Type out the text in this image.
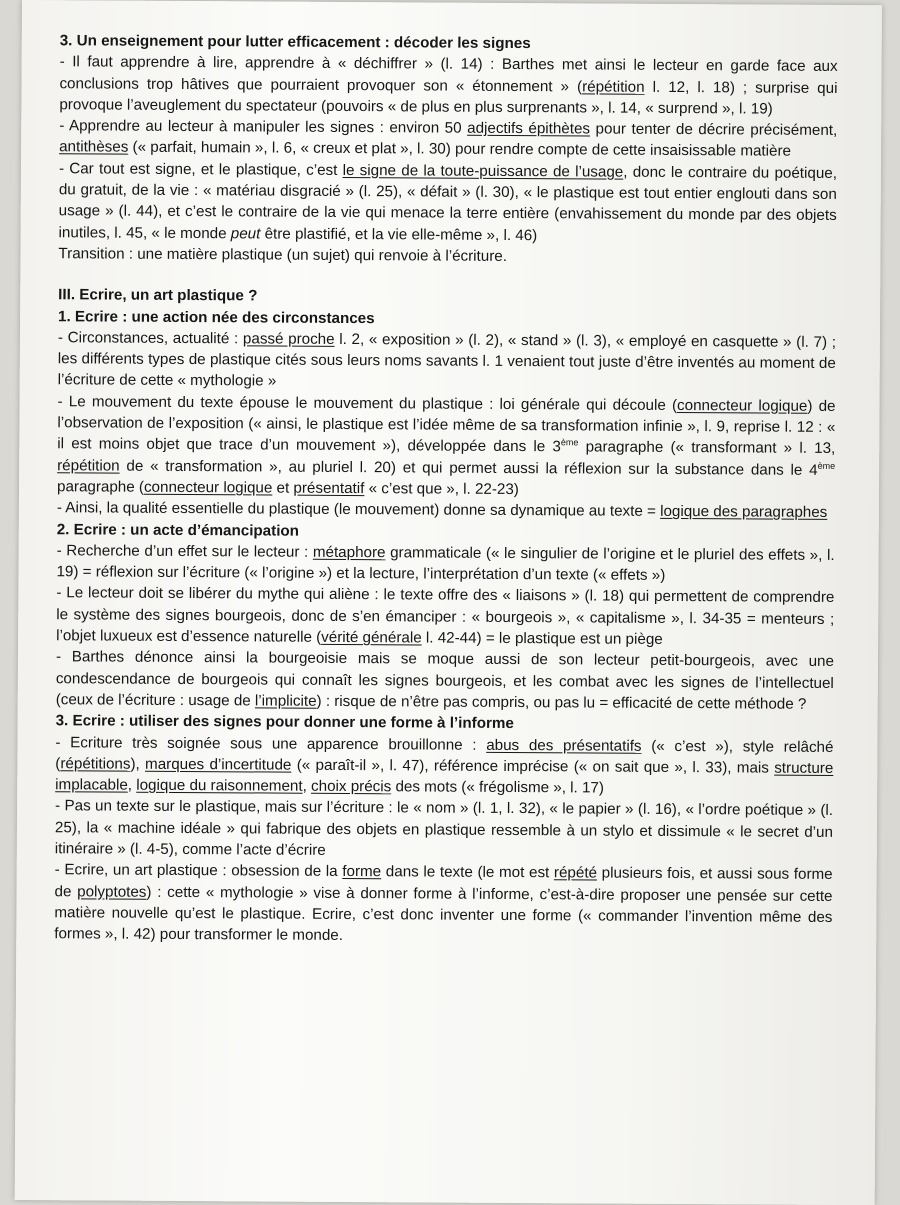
3. Un enseignement pour lutter efficacement : décoder les signes
- Il faut apprendre à lire, apprendre à « déchiffrer » (l. 14) : Barthes met ainsi le lecteur en garde face aux conclusions trop hâtives que pourraient provoquer son « étonnement » (répétition l. 12, l. 18) ; surprise qui provoque l’aveuglement du spectateur (pouvoirs « de plus en plus surprenants », l. 14, « surprend », l. 19)
- Apprendre au lecteur à manipuler les signes : environ 50 adjectifs épithètes pour tenter de décrire précisément, antithèses (« parfait, humain », l. 6, « creux et plat », l. 30) pour rendre compte de cette insaisissable matière
- Car tout est signe, et le plastique, c’est le signe de la toute-puissance de l’usage, donc le contraire du poétique, du gratuit, de la vie : « matériau disgracié » (l. 25), « défait » (l. 30), « le plastique est tout entier englouti dans son usage » (l. 44), et c’est le contraire de la vie qui menace la terre entière (envahissement du monde par des objets inutiles, l. 45, « le monde peut être plastifié, et la vie elle-même », l. 46)
Transition : une matière plastique (un sujet) qui renvoie à l’écriture.
III. Ecrire, un art plastique ?
1. Ecrire : une action née des circonstances
- Circonstances, actualité : passé proche l. 2, « exposition » (l. 2), « stand » (l. 3), « employé en casquette » (l. 7) ; les différents types de plastique cités sous leurs noms savants l. 1 venaient tout juste d’être inventés au moment de l’écriture de cette « mythologie »
- Le mouvement du texte épouse le mouvement du plastique : loi générale qui découle (connecteur logique) de l’observation de l’exposition (« ainsi, le plastique est l’idée même de sa transformation infinie », l. 9, reprise l. 12 : « il est moins objet que trace d’un mouvement »), développée dans le 3ème paragraphe (« transformant » l. 13, répétition de « transformation », au pluriel l. 20) et qui permet aussi la réflexion sur la substance dans le 4ème paragraphe (connecteur logique et présentatif « c’est que », l. 22-23)
- Ainsi, la qualité essentielle du plastique (le mouvement) donne sa dynamique au texte = logique des paragraphes
2. Ecrire : un acte d’émancipation
- Recherche d’un effet sur le lecteur : métaphore grammaticale (« le singulier de l’origine et le pluriel des effets », l. 19) = réflexion sur l’écriture (« l’origine ») et la lecture, l’interprétation d’un texte (« effets »)
- Le lecteur doit se libérer du mythe qui aliène : le texte offre des « liaisons » (l. 18) qui permettent de comprendre le système des signes bourgeois, donc de s’en émanciper : « bourgeois », « capitalisme », l. 34-35 = menteurs ; l’objet luxueux est d’essence naturelle (vérité générale l. 42-44) = le plastique est un piège
- Barthes dénonce ainsi la bourgeoisie mais se moque aussi de son lecteur petit-bourgeois, avec une condescendance de bourgeois qui connaît les signes bourgeois, et les combat avec les signes de l’intellectuel (ceux de l’écriture : usage de l’implicite) : risque de n’être pas compris, ou pas lu = efficacité de cette méthode ?
3. Ecrire : utiliser des signes pour donner une forme à l’informe
- Ecriture très soignée sous une apparence brouillonne : abus des présentatifs (« c’est »), style relâché (répétitions), marques d’incertitude (« paraît-il », l. 47), référence imprécise (« on sait que », l. 33), mais structure implacable, logique du raisonnement, choix précis des mots (« frégolisme », l. 17)
- Pas un texte sur le plastique, mais sur l’écriture : le « nom » (l. 1, l. 32), « le papier » (l. 16), « l’ordre poétique » (l. 25), la « machine idéale » qui fabrique des objets en plastique ressemble à un stylo et dissimule « le secret d’un itinéraire » (l. 4-5), comme l’acte d’écrire
- Ecrire, un art plastique : obsession de la forme dans le texte (le mot est répété plusieurs fois, et aussi sous forme de polyptotes) : cette « mythologie » vise à donner forme à l’informe, c’est-à-dire proposer une pensée sur cette matière nouvelle qu’est le plastique. Ecrire, c’est donc inventer une forme (« commander l’invention même des formes », l. 42) pour transformer le monde.
